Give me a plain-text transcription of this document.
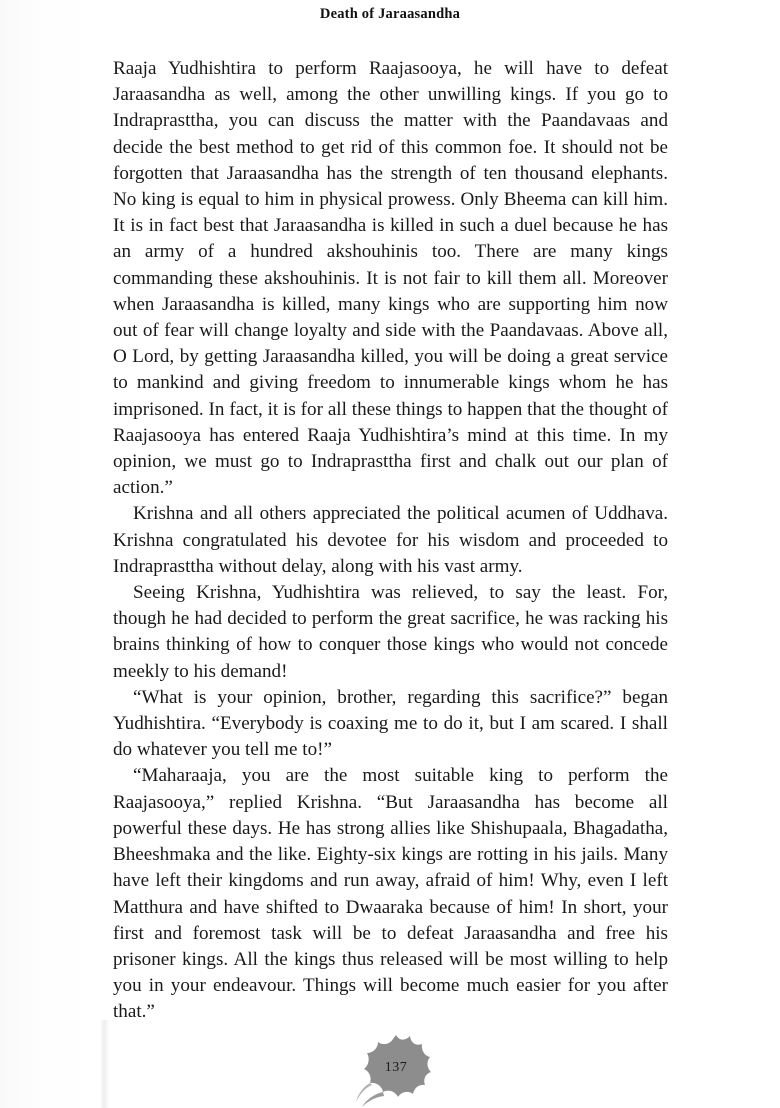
Death of Jaraasandha

Raaja Yudhishtira to perform Raajasooya, he will have to defeat Jaraasandha as well, among the other unwilling kings. If you go to Indraprasttha, you can discuss the matter with the Paandavaas and decide the best method to get rid of this common foe. It should not be forgotten that Jaraasandha has the strength of ten thousand elephants. No king is equal to him in physical prowess. Only Bheema can kill him. It is in fact best that Jaraasandha is killed in such a duel because he has an army of a hundred akshouhinis too. There are many kings commanding these akshouhinis. It is not fair to kill them all. Moreover when Jaraasandha is killed, many kings who are supporting him now out of fear will change loyalty and side with the Paandavaas. Above all, O Lord, by getting Jaraasandha killed, you will be doing a great service to mankind and giving freedom to innumerable kings whom he has imprisoned. In fact, it is for all these things to happen that the thought of Raajasooya has entered Raaja Yudhishtira’s mind at this time. In my opinion, we must go to Indraprasttha first and chalk out our plan of action.”

Krishna and all others appreciated the political acumen of Uddhava. Krishna congratulated his devotee for his wisdom and proceeded to Indraprasttha without delay, along with his vast army.

Seeing Krishna, Yudhishtira was relieved, to say the least. For, though he had decided to perform the great sacrifice, he was racking his brains thinking of how to conquer those kings who would not concede meekly to his demand!

“What is your opinion, brother, regarding this sacrifice?” began Yudhishtira. “Everybody is coaxing me to do it, but I am scared. I shall do whatever you tell me to!”

“Maharaaja, you are the most suitable king to perform the Raajasooya,” replied Krishna. “But Jaraasandha has become all powerful these days. He has strong allies like Shishupaala, Bhagadatha, Bheeshmaka and the like. Eighty-six kings are rotting in his jails. Many have left their kingdoms and run away, afraid of him! Why, even I left Matthura and have shifted to Dwaaraka because of him! In short, your first and foremost task will be to defeat Jaraasandha and free his prisoner kings. All the kings thus released will be most willing to help you in your endeavour. Things will become much easier for you after that.”

137
